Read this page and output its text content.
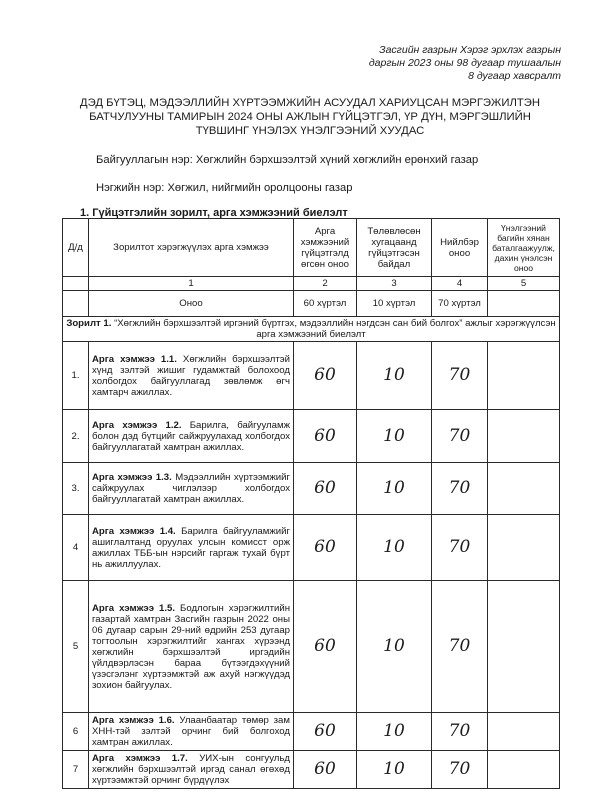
Засгийн газрын Хэрэг эрхлэх газрын
даргын 2023 оны 98 дугаар тушаалын
8 дугаар хавсралт
ДЭД БҮТЭЦ, МЭДЭЭЛЛИЙН ХҮРТЭЭМЖИЙН АСУУДАЛ ХАРИУЦСАН МЭРГЭЖИЛТЭН
БАТЧУЛУУНЫ ТАМИРЫН 2024 ОНЫ АЖЛЫН ГҮЙЦЭТГЭЛ, ҮР ДҮН, МЭРГЭШЛИЙН
ТҮВШИНГ ҮНЭЛЭХ ҮНЭЛГЭЭНИЙ ХУУДАС
Байгууллагын нэр: Хөгжлийн бэрхшээлтэй хүний хөгжлийн ерөнхий газар
Нэгжийн нэр: Хөгжил, нийгмийн оролцооны газар
1. Гүйцэтгэлийн зорилт, арга хэмжээний биелэлт
Д/д	Зорилтот хэрэгжүүлэх арга хэмжээ	Арга хэмжээний гүйцэтгэлд өгсөн оноо	Төлөвлөсөн хугацаанд гүйцэтгэсэн байдал	Нийлбэр оноо	Үнэлгээний багийн хянан баталгаажуулж, дахин үнэлсэн оноо
	1	2	3	4	5
	Оноо	60 хүртэл	10 хүртэл	70 хүртэл	
Зорилт 1. “Хөгжлийн бэрхшээлтэй иргэний бүртгэх, мэдээллийн нэгдсэн сан бий болгох” ажлыг хэрэгжүүлсэн арга хэмжээний биелэлт					
1.	Арга хэмжээ 1.1. Хөгжлийн бэрхшээлтэй хүнд зэлтэй жишиг гудамжтай болохоод холбогдох байгууллагад зөвлөмж өгч хамтарч ажиллах.	60	10	70	
2.	Арга хэмжээ 1.2. Барилга, байгууламж болон дэд бүтцийг сайжруулахад холбогдох байгууллагатай хамтран ажиллах.	60	10	70	
3.	Арга хэмжээ 1.3. Мэдээллийн хүртээмжийг сайжруулах чиглэлээр холбогдох байгууллагатай хамтран ажиллах.	60	10	70	
4	Арга хэмжээ 1.4. Барилга байгууламжийг ашиглалтанд оруулах улсын комисст орж ажиллах ТББ-ын нэрсийг гаргаж тухай бүрт нь ажиллуулах.	60	10	70	
5	Арга хэмжээ 1.5. Бодлогын хэрэгжилтийн газартай хамтран Засгийн газрын 2022 оны 06 дугаар сарын 29-ний өдрийн 253 дугаар тогтоолын хэрэгжилтийг хангах хүрээнд хөгжлийн бэрхшээлтэй иргэдийн үйлдвэрлэсэн бараа бүтээгдэхүүний үзэсгэлэнг хүртээмжтэй аж ахуй нэгжүүдэд зохион байгуулах.	60	10	70	
6	Арга хэмжээ 1.6. Улаанбаатар төмөр зам ХНН-тэй зэлтэй орчинг бий болгоход хамтран ажиллах.	60	10	70	
7	Арга хэмжээ 1.7. УИХ-ын сонгуульд хөгжлийн бэрхшээлтэй иргэд санал өгөхөд хүртээмжтэй орчинг бүрдүүлэх	60	10	70	
